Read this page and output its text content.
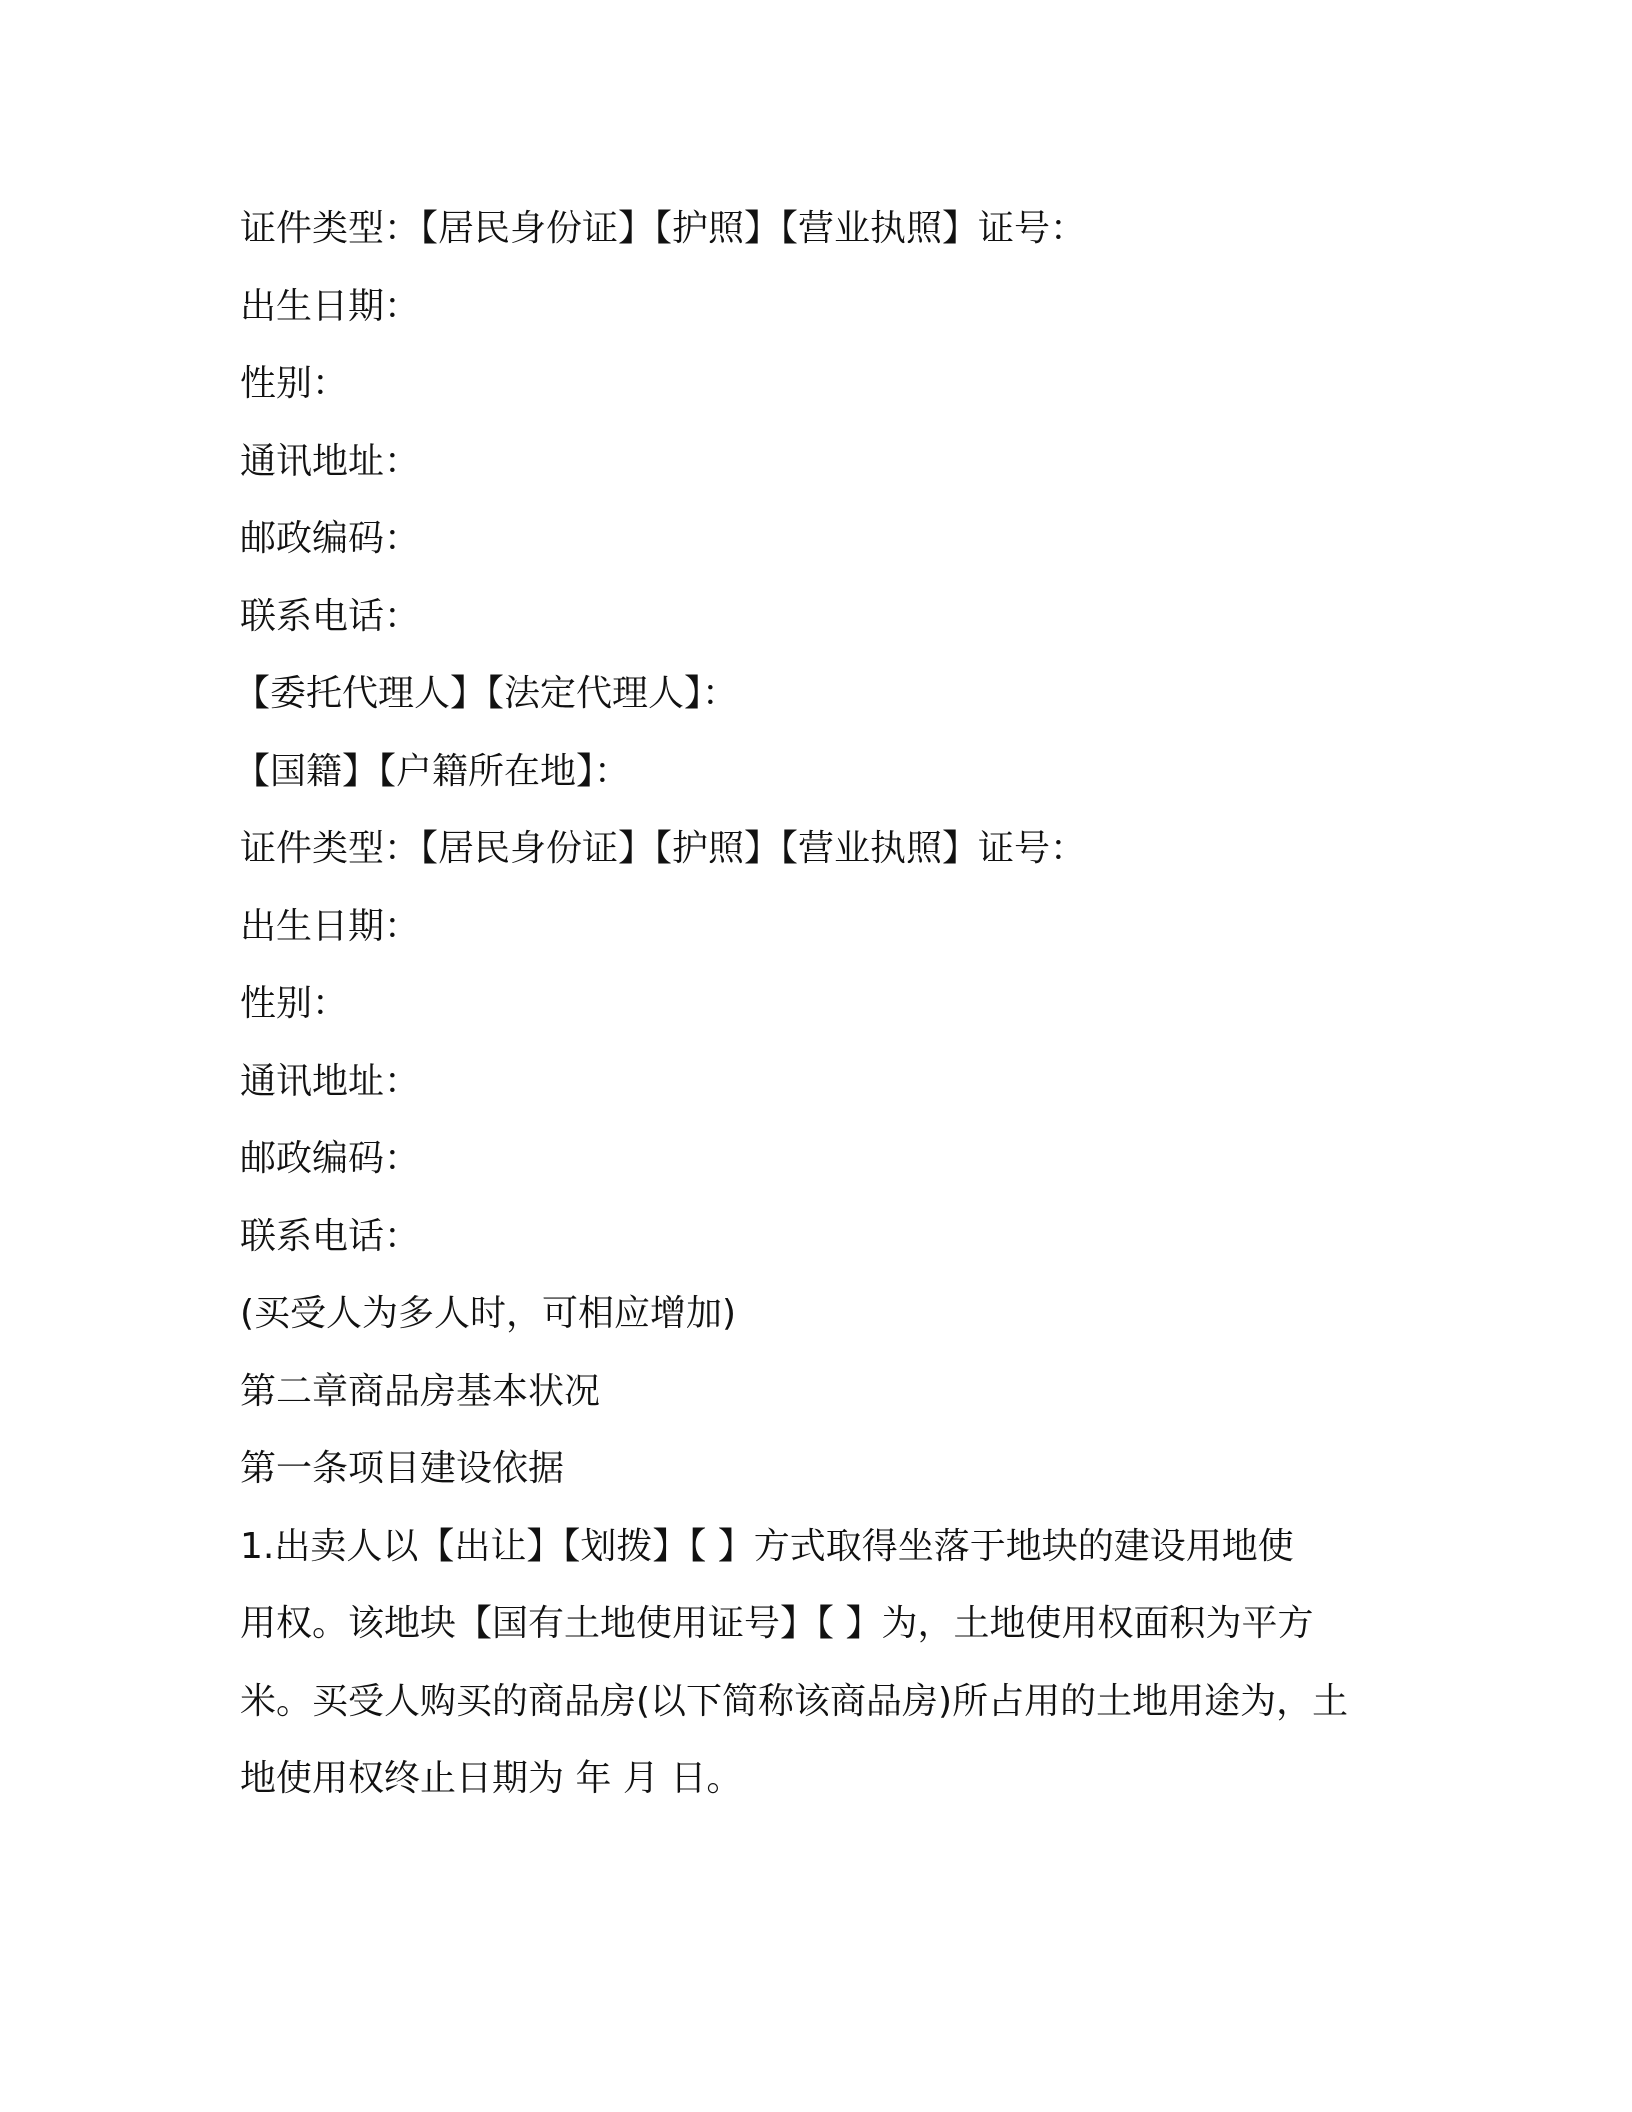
证件类型：【居民身份证】【护照】【营业执照】证号：
出生日期：
性别：
通讯地址：
邮政编码：
联系电话：
【委托代理人】【法定代理人】：
【国籍】【户籍所在地】：
证件类型：【居民身份证】【护照】【营业执照】证号：
出生日期：
性别：
通讯地址：
邮政编码：
联系电话：
(买受人为多人时，可相应增加)
第二章商品房基本状况
第一条项目建设依据
1.出卖人以【出让】【划拨】【 】方式取得坐落于地块的建设用地使
用权。该地块【国有土地使用证号】【 】为，土地使用权面积为平方
米。买受人购买的商品房(以下简称该商品房)所占用的土地用途为，土
地使用权终止日期为 年 月 日。
